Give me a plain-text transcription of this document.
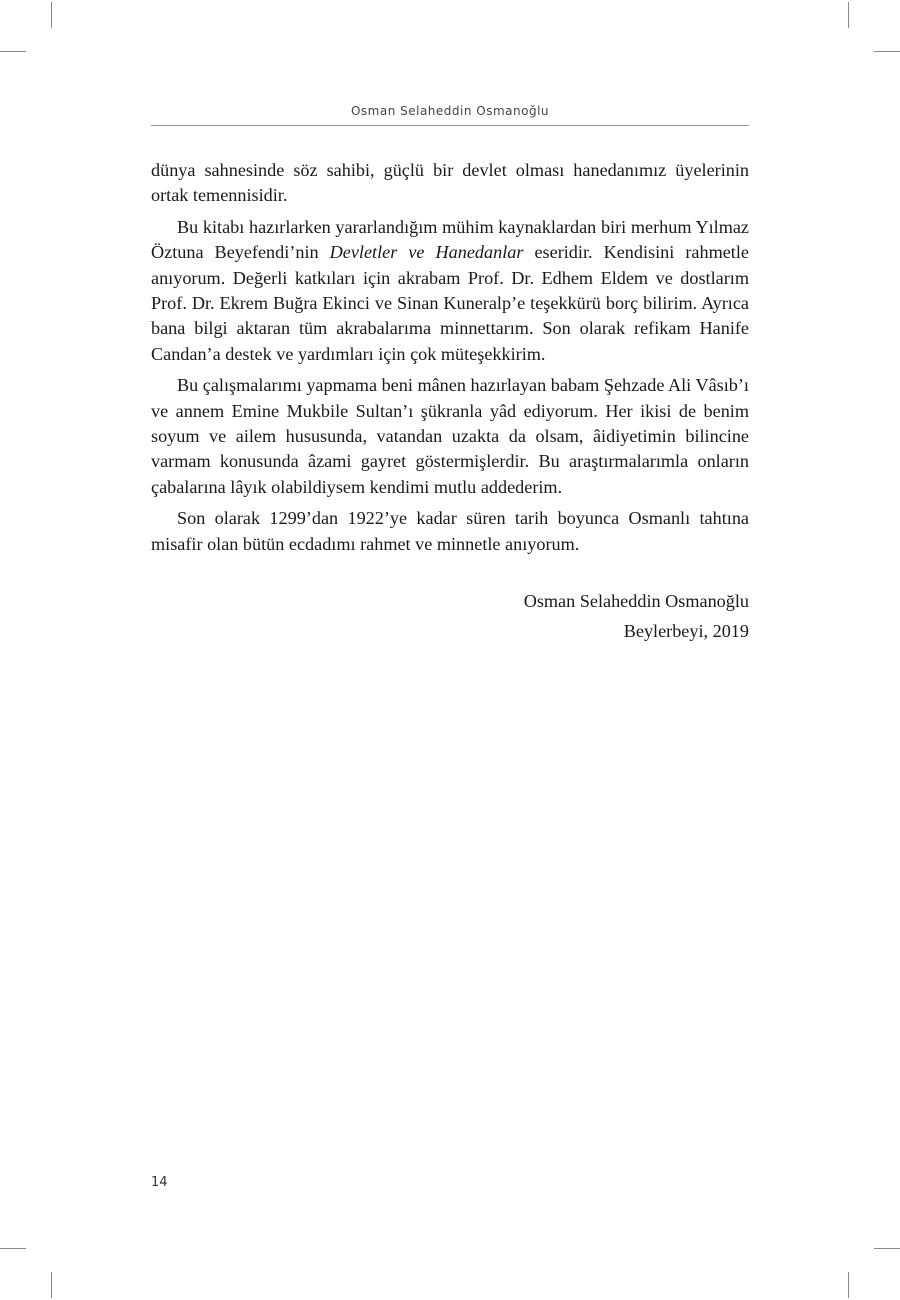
Osman Selaheddin Osmanoğlu

dünya sahnesinde söz sahibi, güçlü bir devlet olması hanedanımız üyelerinin ortak temennisidir.

Bu kitabı hazırlarken yararlandığım mühim kaynaklardan biri merhum Yılmaz Öztuna Beyefendi’nin Devletler ve Hanedanlar eseridir. Kendisini rahmetle anıyorum. Değerli katkıları için akrabam Prof. Dr. Edhem Eldem ve dostlarım Prof. Dr. Ekrem Buğra Ekinci ve Sinan Kuneralp’e teşekkürü borç bilirim. Ayrıca bana bilgi aktaran tüm akrabalarıma minnettarım. Son olarak refikam Hanife Candan’a destek ve yardımları için çok müteşekkirim.

Bu çalışmalarımı yapmama beni mânen hazırlayan babam Şehzade Ali Vâsıb’ı ve annem Emine Mukbile Sultan’ı şükranla yâd ediyorum. Her ikisi de benim soyum ve ailem hususunda, vatandan uzakta da olsam, âidiyetimin bilincine varmam konusunda âzami gayret göstermişlerdir. Bu araştırmalarımla onların çabalarına lâyık olabildiysem kendimi mutlu addederim.

Son olarak 1299’dan 1922’ye kadar süren tarih boyunca Osmanlı tahtına misafir olan bütün ecdadımı rahmet ve minnetle anıyorum.

Osman Selaheddin Osmanoğlu
Beylerbeyi, 2019
14
